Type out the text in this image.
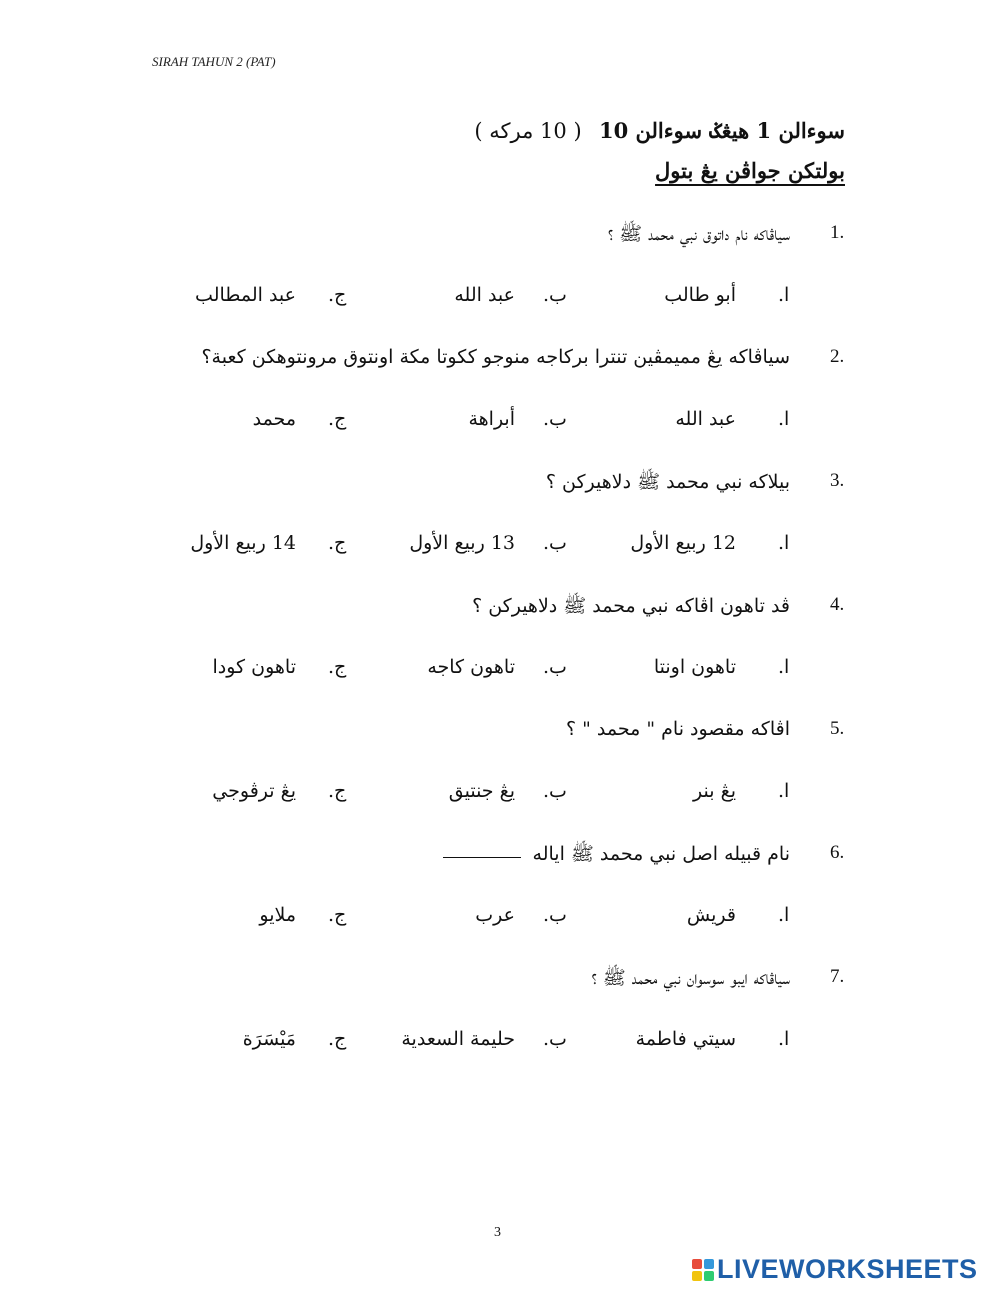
SIRAH TAHUN 2 (PAT)
سوءالن 1 هيڠݢ سوءالن 10 ( 10 مركه )
بولتكن جواڤن يڠ بتول
1.
سياڤاكه نام داتوق نبي محمد ﷺ ؟
ا.
أبو طالب
ب.
عبد الله
ج.
عبد المطالب
2.
سياڤاكه يڠ مميمڤين تنترا بركاجه منوجو ككوتا مكة اونتوق مرونتوهكن كعبة؟
ا.
عبد الله
ب.
أبراهة
ج.
محمد
3.
بيلاكه نبي محمد ﷺ دلاهيركن ؟
ا.
12 ربيع الأول
ب.
13 ربيع الأول
ج.
14 ربيع الأول
4.
ڤد تاهون اڤاكه نبي محمد ﷺ دلاهيركن ؟
ا.
تاهون اونتا
ب.
تاهون كاجه
ج.
تاهون كودا
5.
اڤاكه مقصود نام " محمد " ؟
ا.
يڠ بنر
ب.
يڠ جنتيق
ج.
يڠ ترڤوجي
6.
نام قبيله اصل نبي محمد ﷺ اياله
ا.
قريش
ب.
عرب
ج.
ملايو
7.
سياڤاكه ايبو سوسوان نبي محمد ﷺ ؟
ا.
سيتي فاطمة
ب.
حليمة السعدية
ج.
مَيْسَرَة
3
LIVEWORKSHEETS
